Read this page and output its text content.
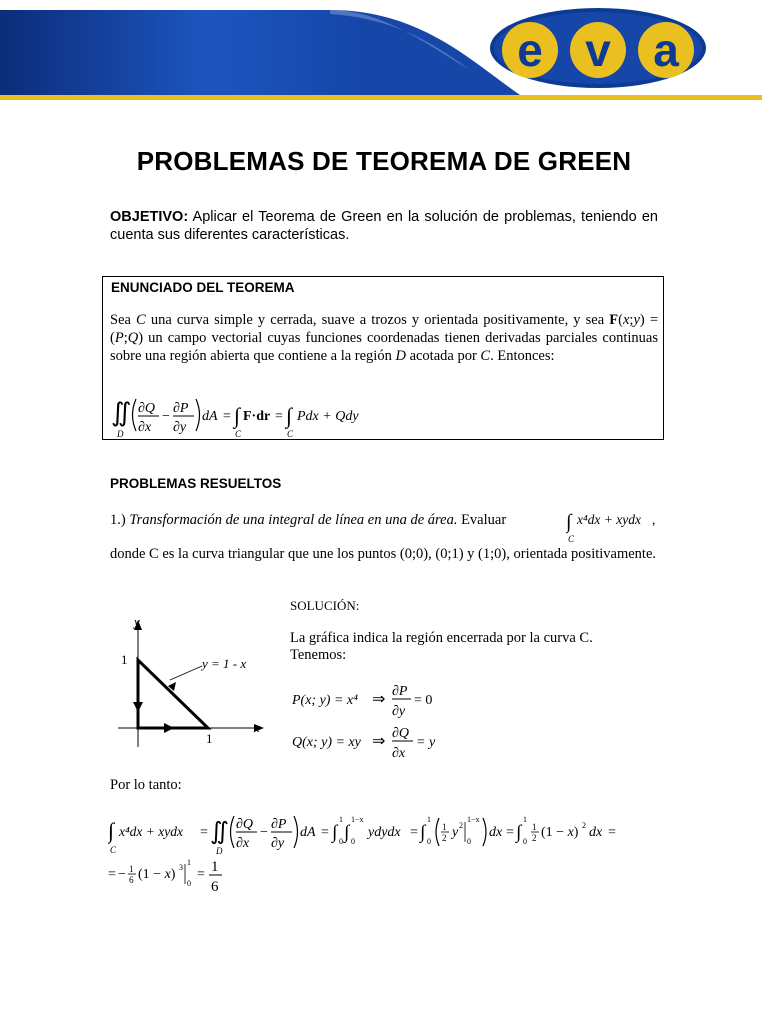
e v a
PROBLEMAS DE TEOREMA DE GREEN
OBJETIVO: Aplicar el Teorema de Green en la solución de problemas, teniendo en cuenta sus diferentes características.
ENUNCIADO DEL TEOREMA
Sea C una curva simple y cerrada, suave a trozos y orientada positivamente, y sea F(x;y) = (P;Q) un campo vectorial cuyas funciones coordenadas tienen derivadas parciales continuas sobre una región abierta que contiene a la región D acotada por C. Entonces:
∬
D
∂Q
∂x
−
∂P
∂y
dA = ∫
C
F·dr = ∫
C
Pdx + Qdy
PROBLEMAS RESUELTOS
1.) Transformación de una integral de línea en una de área. Evaluar	∫
C
x⁴dx + xydx ,
donde C es la curva triangular que une los puntos (0;0), (0;1) y (1;0), orientada positivamente.
y
x
1
1
y = 1 - x
SOLUCIÓN:
La gráfica indica la región encerrada por la curva C.
Tenemos:
P(x; y) = x⁴ ⇒ ∂P
∂y
= 0
Q(x; y) = xy ⇒ ∂Q
∂x
= y
Por lo tanto:
∫
C
x⁴dx + xydx = ∬
D
∂Q
∂x
−
∂P
∂y
dA = ∫
1
0 ∫
1−x
0
ydydx = ∫
1
0
1
2 y 2
1−x
0
dx = ∫
1
0
1
2 (1 − x) 2 dx =
= − 1
6 (1 − x) 3
1
0
= 1
6
